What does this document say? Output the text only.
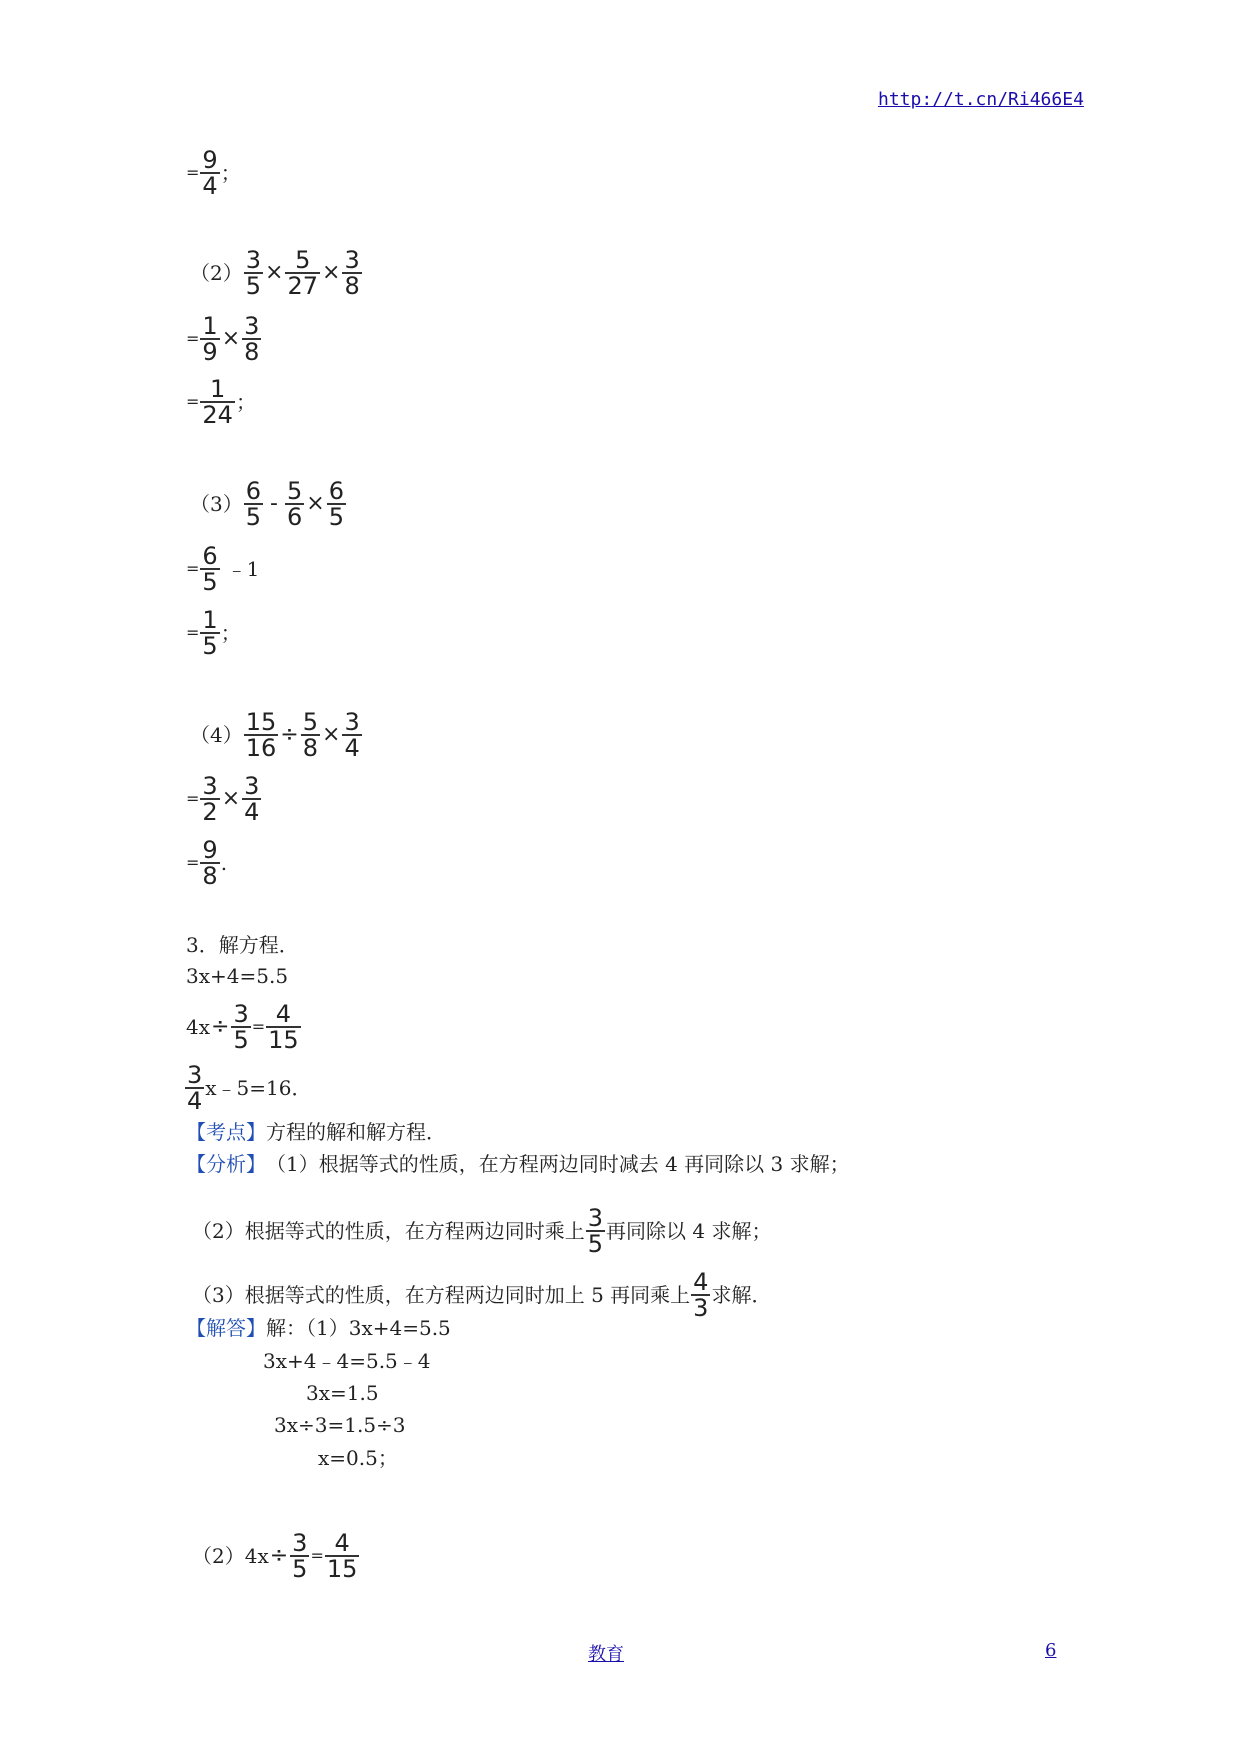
http://t.cn/Ri466E4
= $\frac{9}{4}$ ；
$(2) \frac{3}{5} \times \frac{5}{27} \times \frac{3}{8}$
= $\frac{1}{9} \times \frac{3}{8}$
= $\frac{1}{24}$ ；
$(3) \frac{6}{5} - \frac{5}{6} \times \frac{6}{5}$
= $\frac{6}{5}$ ﹣1
= $\frac{1}{5}$ ；
$(4) \frac{15}{16} \div \frac{5}{8} \times \frac{3}{4}$
= $\frac{3}{2} \times \frac{3}{4}$
= $\frac{9}{8}$ .
3．解方程．
3x+4=5.5
$4x \div \frac{3}{5} = \frac{4}{15}$
$\frac{3}{4}$ x﹣5=16．
【考点】 方程的解和解方程．
【分析】 （1）根据等式的性质，在方程两边同时减去 4 再同除以 3 求解；
（2）根据等式的性质，在方程两边同时乘上 $\frac{3}{5}$ 再同除以 4 求解；
（3）根据等式的性质，在方程两边同时加上 5 再同乘上 $\frac{4}{3}$ 求解．
【解答】 解：（1）3x+4=5.5
3x+4﹣4=5.5﹣4
3x=1.5
3x÷3=1.5÷3
x=0.5；
$(2)4x \div \frac{3}{5} = \frac{4}{15}$
教育	6
